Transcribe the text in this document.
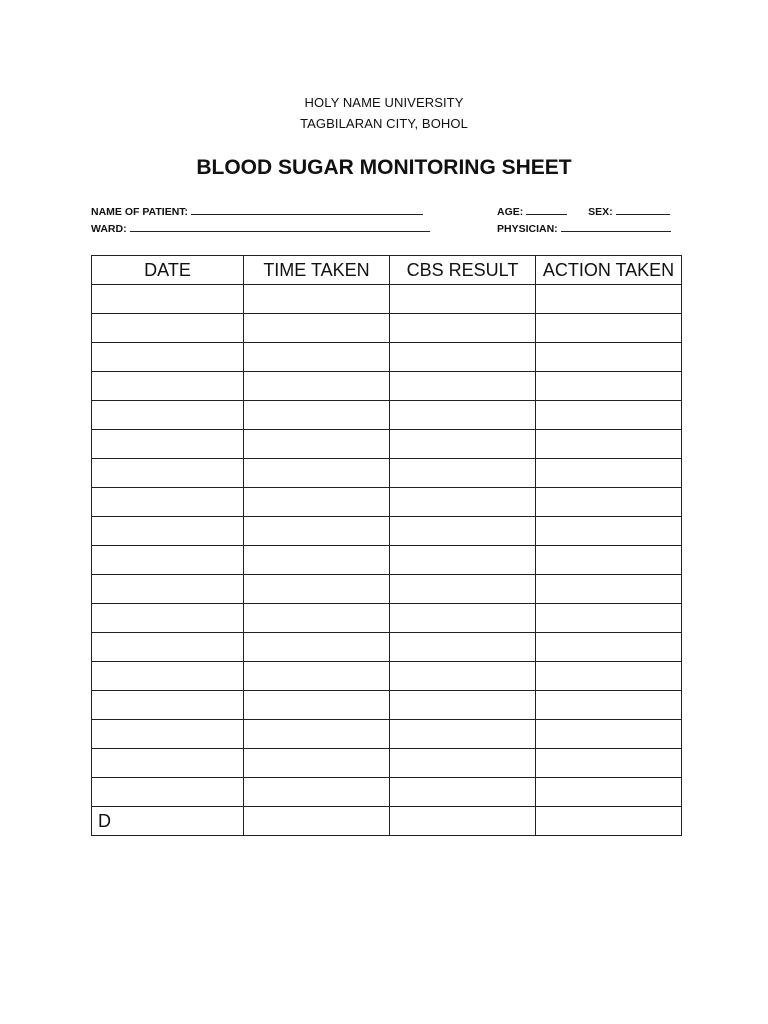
HOLY NAME UNIVERSITY
TAGBILARAN CITY, BOHOL
BLOOD SUGAR MONITORING SHEET
NAME OF PATIENT:
WARD:
AGE:	SEX:
PHYSICIAN:
DATE	TIME TAKEN	CBS RESULT	ACTION TAKEN

D			
